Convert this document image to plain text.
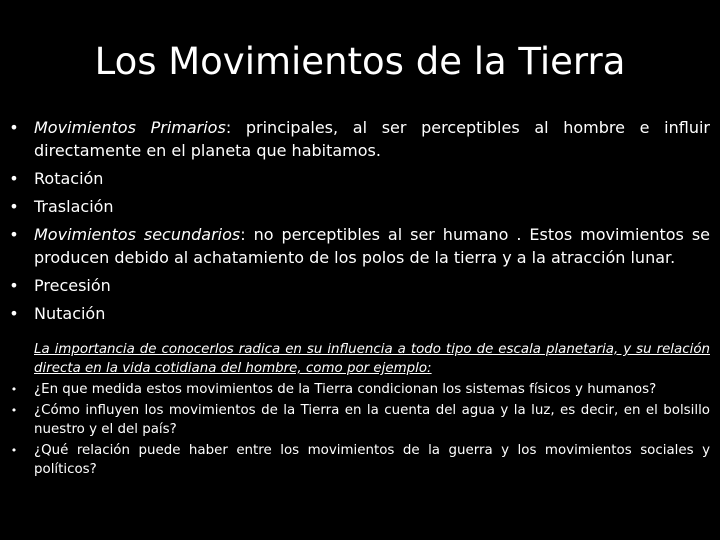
Los Movimientos de la Tierra
• Movimientos Primarios: principales, al ser perceptibles al hombre e influir directamente en el planeta que habitamos.
• Rotación
• Traslación
• Movimientos secundarios: no perceptibles al ser humano . Estos movimientos se producen debido al achatamiento de los polos de la tierra y a la atracción lunar.
• Precesión
• Nutación
La importancia de conocerlos radica en su influencia a todo tipo de escala planetaria, y su relación directa en la vida cotidiana del hombre, como por ejemplo:
• ¿En que medida estos movimientos de la Tierra condicionan los sistemas físicos y humanos?
• ¿Cómo influyen los movimientos de la Tierra en la cuenta del agua y la luz, es decir, en el bolsillo nuestro y el del país?
• ¿Qué relación puede haber entre los movimientos de la guerra y los movimientos sociales y políticos?
